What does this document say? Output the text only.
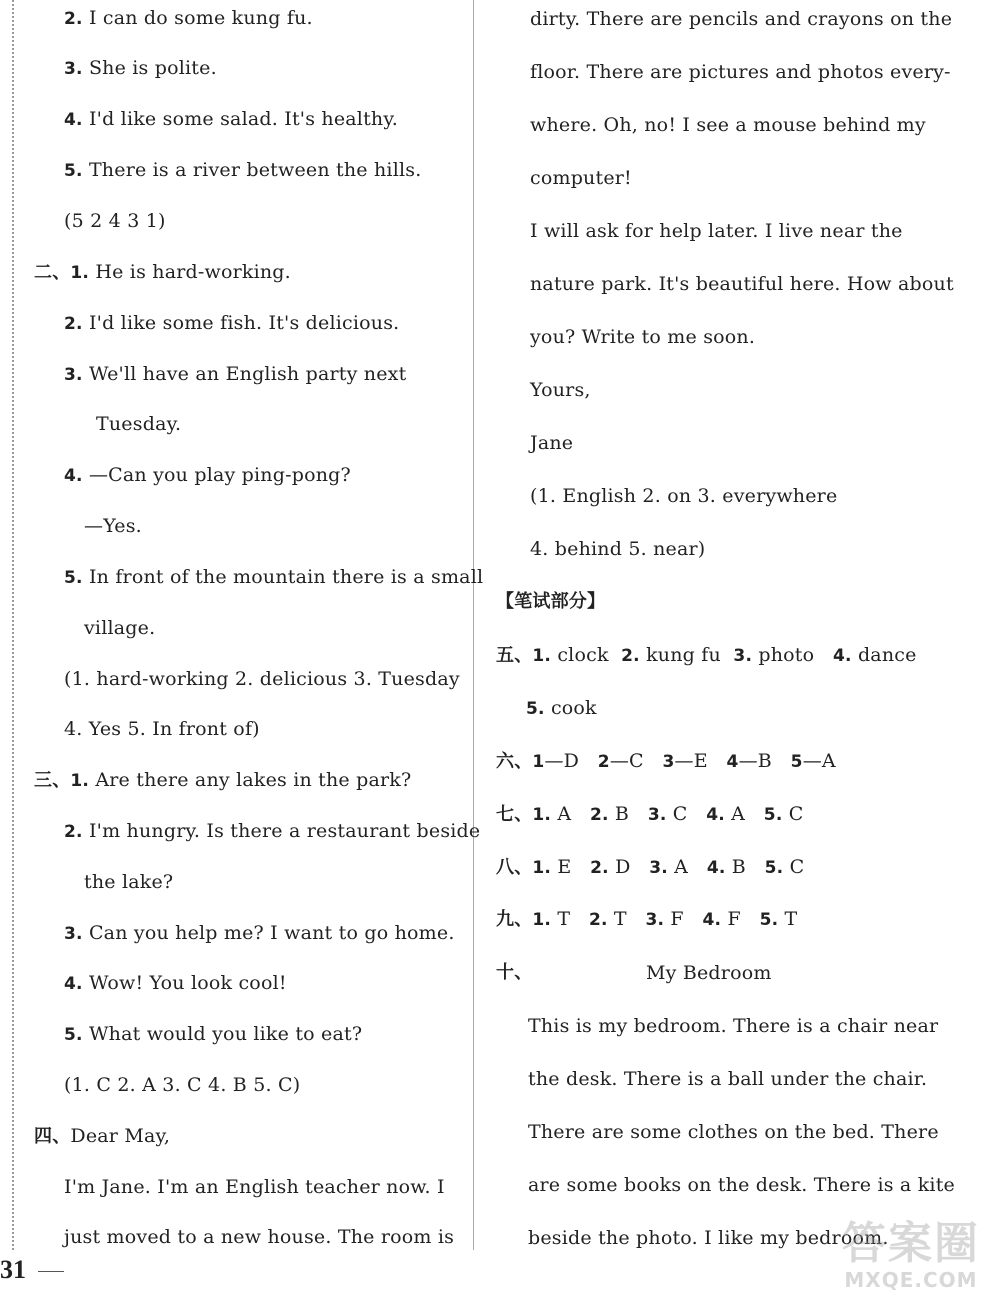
2. I can do some kung fu.
3. She is polite.
4. I'd like some salad. It's healthy.
5. There is a river between the hills.
(5 2 4 3 1)
二、1. He is hard-working.
2. I'd like some fish. It's delicious.
3. We'll have an English party next
Tuesday.
4. —Can you play ping-pong?
—Yes.
5. In front of the mountain there is a small
village.
(1. hard-working 2. delicious 3. Tuesday
4. Yes 5. In front of)
三、1. Are there any lakes in the park?
2. I'm hungry. Is there a restaurant beside
the lake?
3. Can you help me? I want to go home.
4. Wow! You look cool!
5. What would you like to eat?
(1. C 2. A 3. C 4. B 5. C)
四、Dear May,
I'm Jane. I'm an English teacher now. I
just moved to a new house. The room is
31
dirty. There are pencils and crayons on the
floor. There are pictures and photos every-
where. Oh, no! I see a mouse behind my
computer!
I will ask for help later. I live near the
nature park. It's beautiful here. How about
you? Write to me soon.
Yours,
Jane
(1. English 2. on 3. everywhere
4. behind 5. near)
【笔试部分】
五、1. clock 2. kung fu 3. photo 4. dance
5. cook
六、1—D 2—C 3—E 4—B 5—A
七、1. A 2. B 3. C 4. A 5. C
八、1. E 2. D 3. A 4. B 5. C
九、1. T 2. T 3. F 4. F 5. T
十、	My Bedroom
This is my bedroom. There is a chair near
the desk. There is a ball under the chair.
There are some clothes on the bed. There
are some books on the desk. There is a kite
beside the photo. I like my bedroom.
答案圈
MXQE.COM
